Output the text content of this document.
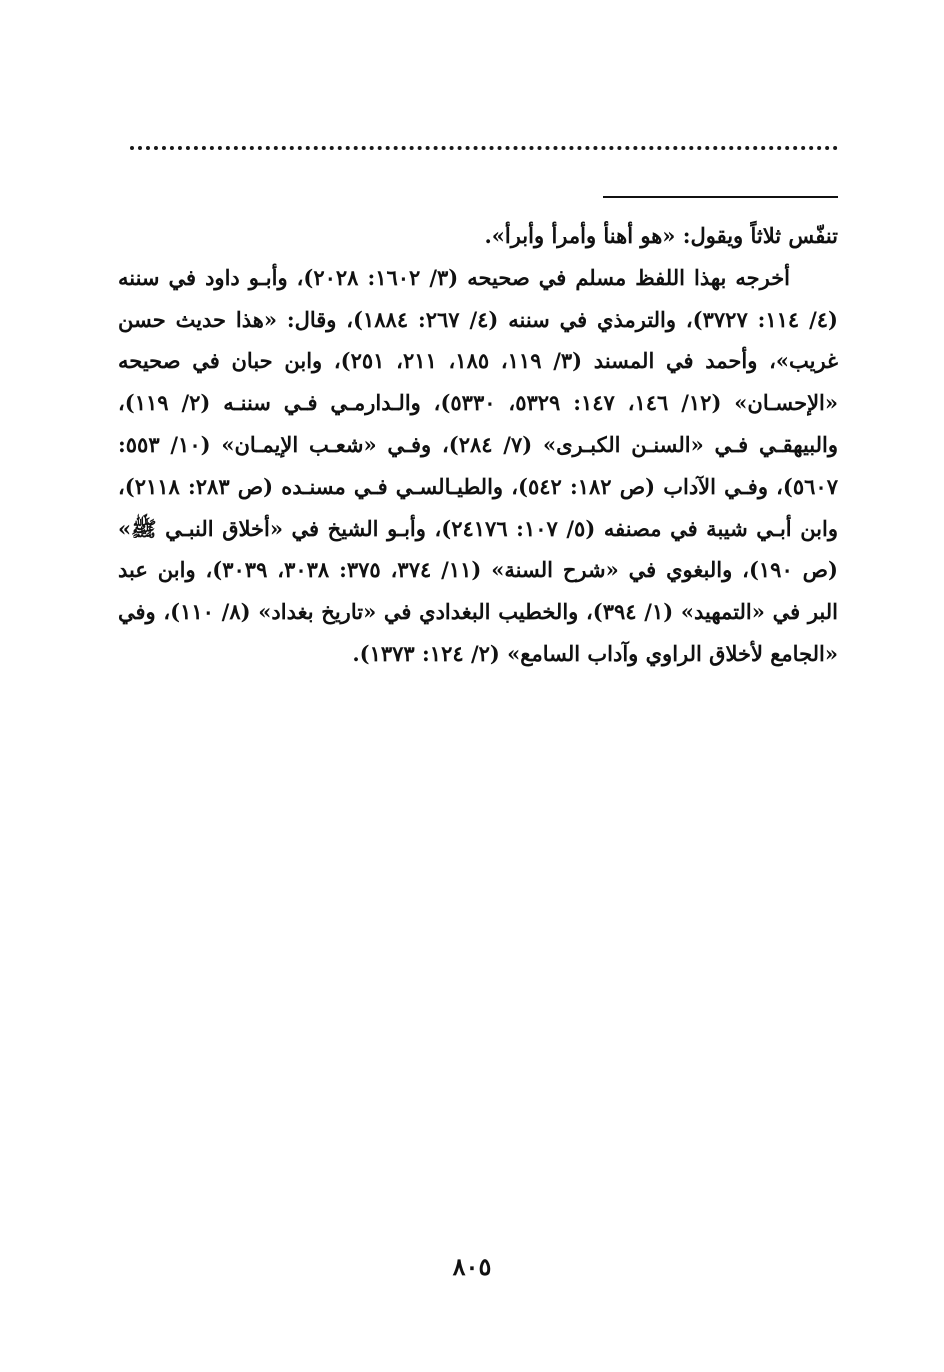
تنفّس ثلاثاً ويقول: «هو أهنأ وأمرأ وأبرأ».

أخرجه بهذا اللفظ مسلم في صحيحه (٣/ ١٦٠٢: ٢٠٢٨)، وأبـو داود في سننه (٤/ ١١٤: ٣٧٢٧)، والترمذي في سننه (٤/ ٢٦٧: ١٨٨٤)، وقال: «هذا حديث حسن غريب»، وأحمد في المسند (٣/ ١١٩، ١٨٥، ٢١١، ٢٥١)، وابن حبان في صحيحه «الإحسـان» (١٢/ ١٤٦، ١٤٧: ٥٣٢٩، ٥٣٣٠)، والـدارمـي فـي سننـه (٢/ ١١٩)، والبيهقـي فـي «السنـن الكبـرى» (٧/ ٢٨٤)، وفـي «شعـب الإيمـان» (١٠/ ٥٥٣: ٥٦٠٧)، وفـي الآداب (ص ١٨٢: ٥٤٢)، والطيـالسـي فـي مسنـده (ص ٢٨٣: ٢١١٨)، وابن أبـي شيبة في مصنفه (٥/ ١٠٧: ٢٤١٧٦)، وأبـو الشيخ في «أخلاق النبـي ﷺ» (ص ١٩٠)، والبغوي في «شرح السنة» (١١/ ٣٧٤، ٣٧٥: ٣٠٣٨، ٣٠٣٩)، وابن عبد البر في «التمهيد» (١/ ٣٩٤)، والخطيب البغدادي في «تاريخ بغداد» (٨/ ١١٠)، وفي «الجامع لأخلاق الراوي وآداب السامع» (٢/ ١٢٤: ١٣٧٣).

٨٠٥
